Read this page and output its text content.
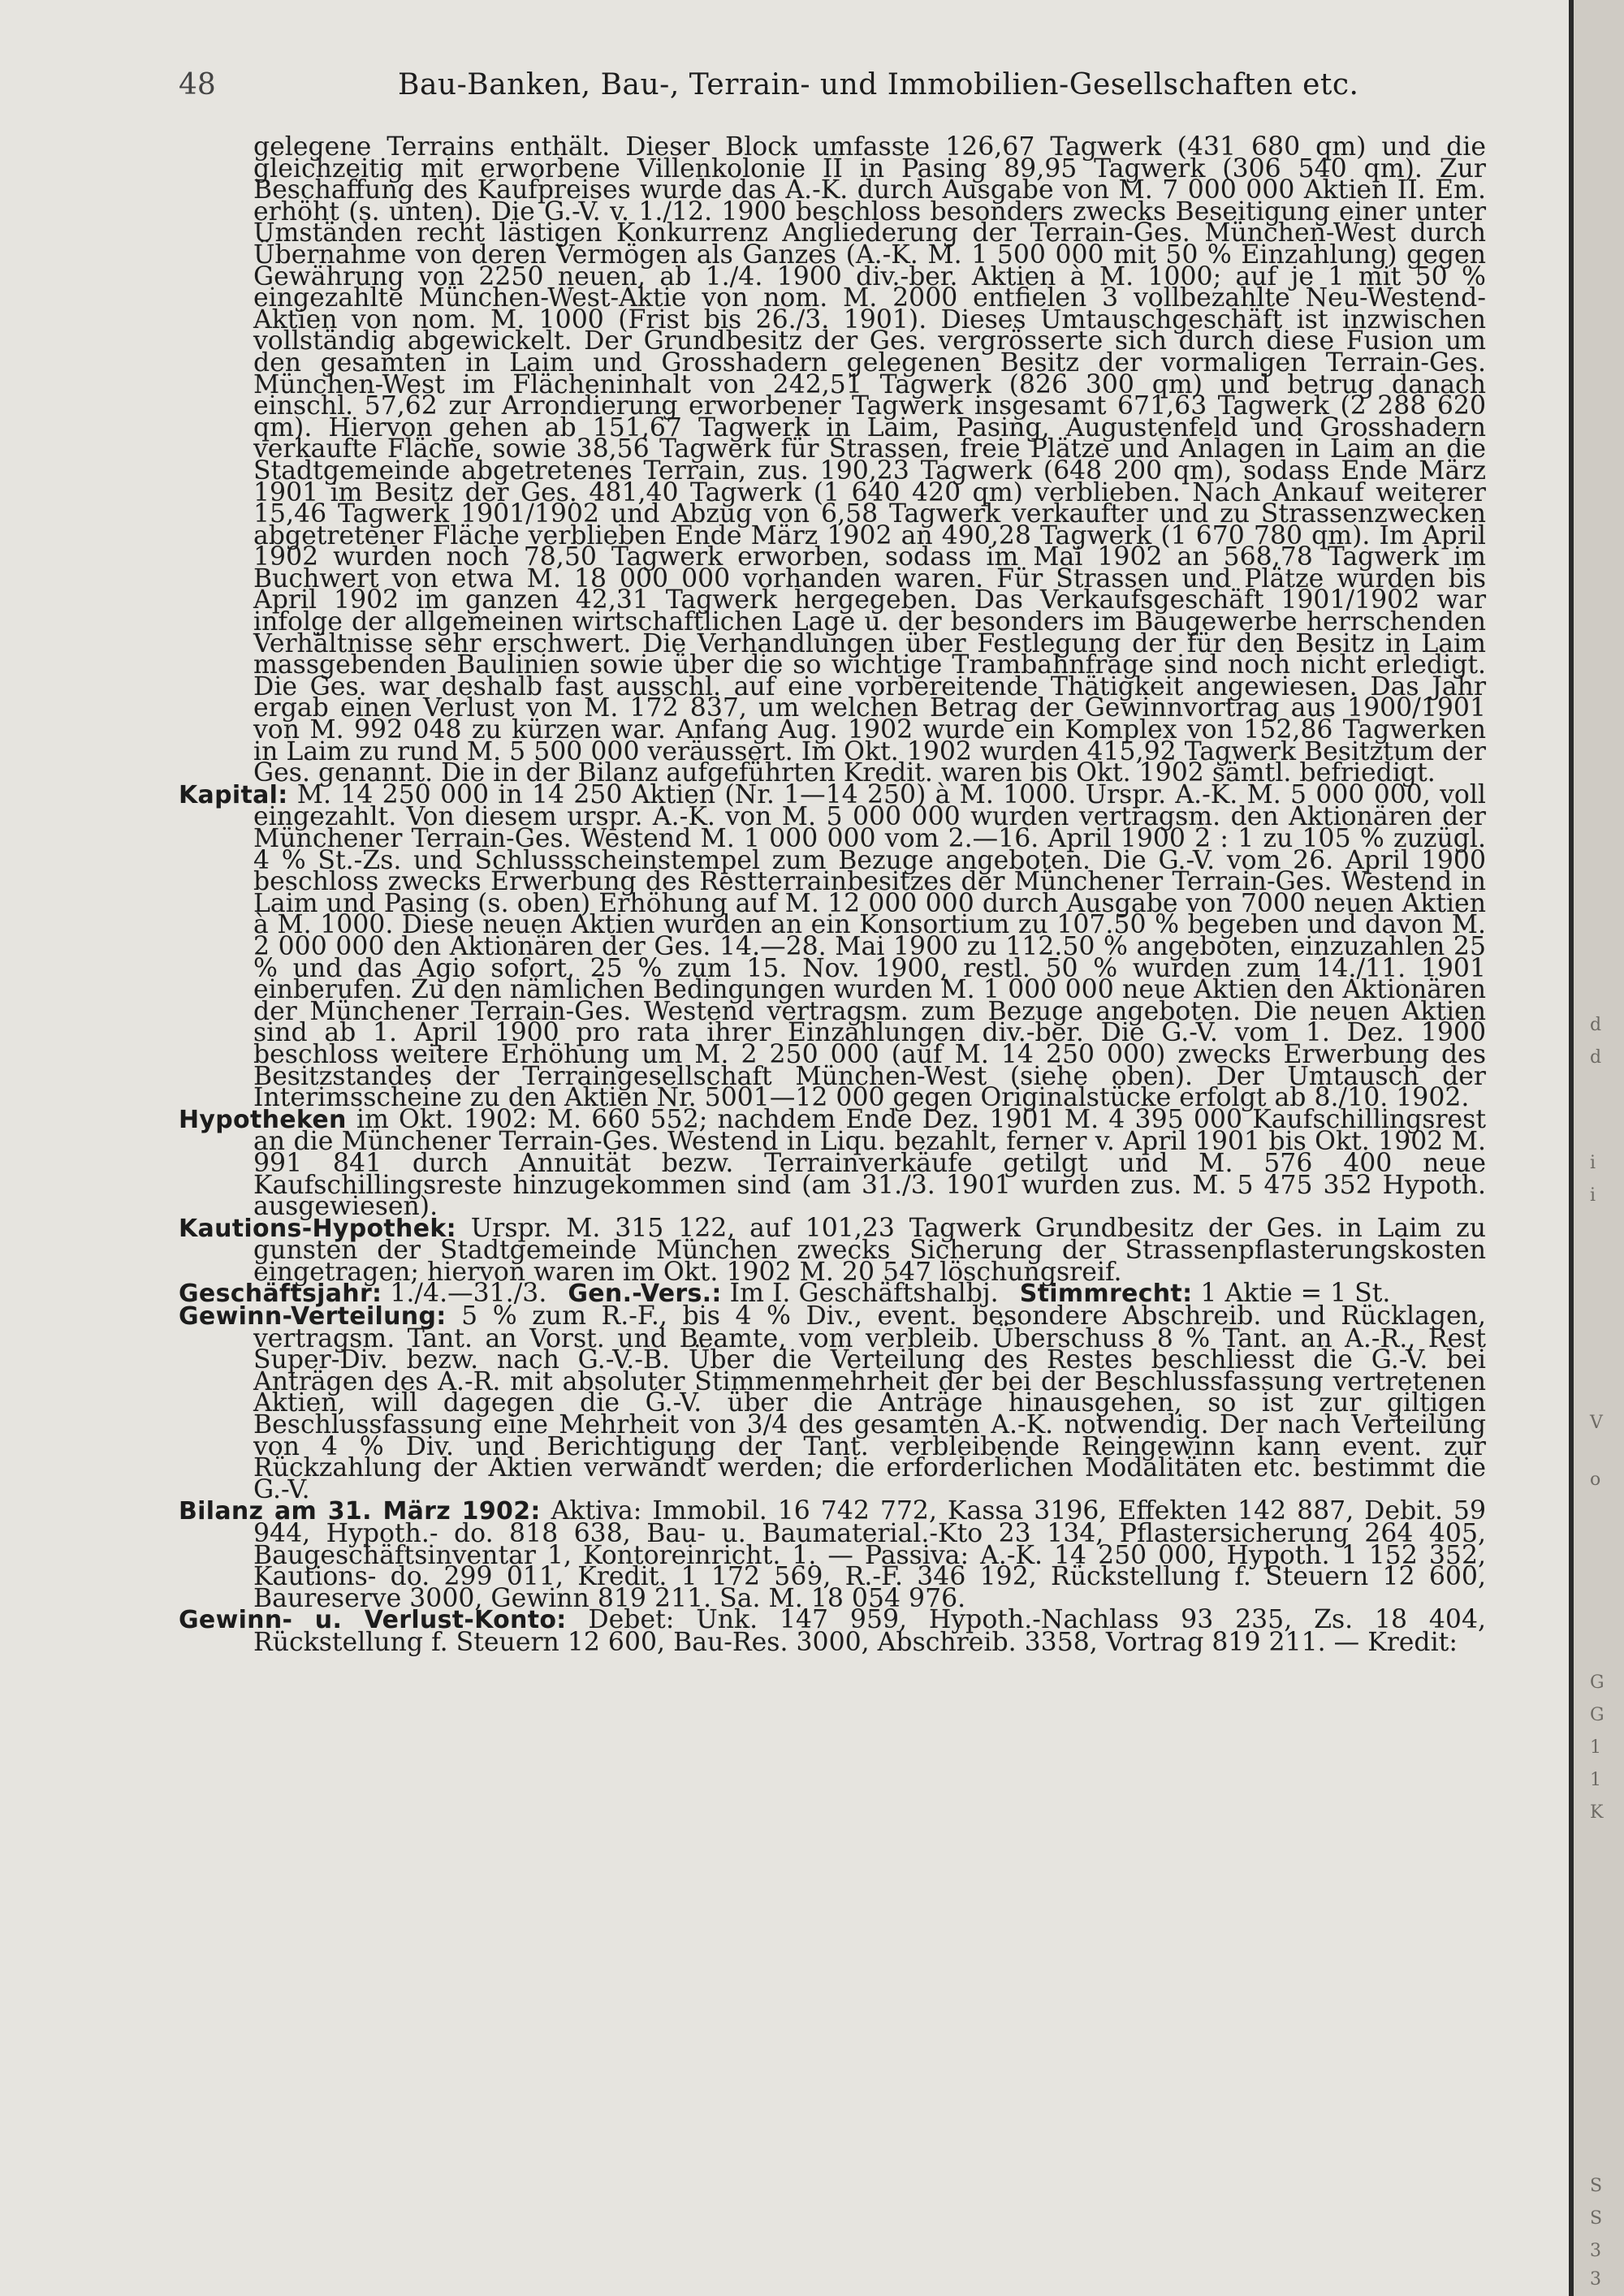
48	Bau-Banken, Bau-, Terrain- und Immobilien-Gesellschaften etc.

gelegene Terrains enthält. Dieser Block umfasste 126,67 Tagwerk (431 680 qm) und die gleichzeitig mit erworbene Villenkolonie II in Pasing 89,95 Tagwerk (306 540 qm). Zur Beschaffung des Kaufpreises wurde das A.-K. durch Ausgabe von M. 7 000 000 Aktien II. Em. erhöht (s. unten). Die G.-V. v. 1./12. 1900 beschloss besonders zwecks Beseitigung einer unter Umständen recht lästigen Konkurrenz Angliederung der Terrain-Ges. München-West durch Übernahme von deren Vermögen als Ganzes (A.-K. M. 1 500 000 mit 50 % Einzahlung) gegen Gewährung von 2250 neuen, ab 1./4. 1900 div.-ber. Aktien à M. 1000; auf je 1 mit 50 % eingezahlte München-West-Aktie von nom. M. 2000 entfielen 3 vollbezahlte Neu-Westend-Aktien von nom. M. 1000 (Frist bis 26./3. 1901). Dieses Umtauschgeschäft ist inzwischen vollständig abgewickelt. Der Grundbesitz der Ges. vergrösserte sich durch diese Fusion um den gesamten in Laim und Grosshadern gelegenen Besitz der vormaligen Terrain-Ges. München-West im Flächeninhalt von 242,51 Tagwerk (826 300 qm) und betrug danach einschl. 57,62 zur Arrondierung erworbener Tagwerk insgesamt 671,63 Tagwerk (2 288 620 qm). Hiervon gehen ab 151,67 Tagwerk in Laim, Pasing, Augustenfeld und Grosshadern verkaufte Fläche, sowie 38,56 Tagwerk für Strassen, freie Plätze und Anlagen in Laim an die Stadtgemeinde abgetretenes Terrain, zus. 190,23 Tagwerk (648 200 qm), sodass Ende März 1901 im Besitz der Ges. 481,40 Tagwerk (1 640 420 qm) verblieben. Nach Ankauf weiterer 15,46 Tagwerk 1901/1902 und Abzug von 6,58 Tagwerk verkaufter und zu Strassenzwecken abgetretener Fläche verblieben Ende März 1902 an 490,28 Tagwerk (1 670 780 qm). Im April 1902 wurden noch 78,50 Tagwerk erworben, sodass im Mai 1902 an 568,78 Tagwerk im Buchwert von etwa M. 18 000 000 vorhanden waren. Für Strassen und Plätze wurden bis April 1902 im ganzen 42,31 Tagwerk hergegeben. Das Verkaufsgeschäft 1901/1902 war infolge der allgemeinen wirtschaftlichen Lage u. der besonders im Baugewerbe herrschenden Verhältnisse sehr erschwert. Die Verhandlungen über Festlegung der für den Besitz in Laim massgebenden Baulinien sowie über die so wichtige Trambahnfrage sind noch nicht erledigt. Die Ges. war deshalb fast ausschl. auf eine vorbereitende Thätigkeit angewiesen. Das Jahr ergab einen Verlust von M. 172 837, um welchen Betrag der Gewinnvortrag aus 1900/1901 von M. 992 048 zu kürzen war. Anfang Aug. 1902 wurde ein Komplex von 152,86 Tagwerken in Laim zu rund M. 5 500 000 veräussert. Im Okt. 1902 wurden 415,92 Tagwerk Besitztum der Ges. genannt. Die in der Bilanz aufgeführten Kredit. waren bis Okt. 1902 sämtl. befriedigt.

Kapital: M. 14 250 000 in 14 250 Aktien (Nr. 1—14 250) à M. 1000. Urspr. A.-K. M. 5 000 000, voll eingezahlt. Von diesem urspr. A.-K. von M. 5 000 000 wurden vertragsm. den Aktionären der Münchener Terrain-Ges. Westend M. 1 000 000 vom 2.—16. April 1900 2 : 1 zu 105 % zuzügl. 4 % St.-Zs. und Schlussscheinstempel zum Bezuge angeboten. Die G.-V. vom 26. April 1900 beschloss zwecks Erwerbung des Restterrainbesitzes der Münchener Terrain-Ges. Westend in Laim und Pasing (s. oben) Erhöhung auf M. 12 000 000 durch Ausgabe von 7000 neuen Aktien à M. 1000. Diese neuen Aktien wurden an ein Konsortium zu 107.50 % begeben und davon M. 2 000 000 den Aktionären der Ges. 14.—28. Mai 1900 zu 112.50 % angeboten, einzuzahlen 25 % und das Agio sofort, 25 % zum 15. Nov. 1900, restl. 50 % wurden zum 14./11. 1901 einberufen. Zu den nämlichen Bedingungen wurden M. 1 000 000 neue Aktien den Aktionären der Münchener Terrain-Ges. Westend vertragsm. zum Bezuge angeboten. Die neuen Aktien sind ab 1. April 1900 pro rata ihrer Einzahlungen div.-ber. Die G.-V. vom 1. Dez. 1900 beschloss weitere Erhöhung um M. 2 250 000 (auf M. 14 250 000) zwecks Erwerbung des Besitzstandes der Terraingesellschaft München-West (siehe oben). Der Umtausch der Interimsscheine zu den Aktien Nr. 5001—12 000 gegen Originalstücke erfolgt ab 8./10. 1902.

Hypotheken im Okt. 1902: M. 660 552; nachdem Ende Dez. 1901 M. 4 395 000 Kaufschillingsrest an die Münchener Terrain-Ges. Westend in Liqu. bezahlt, ferner v. April 1901 bis Okt. 1902 M. 991 841 durch Annuität bezw. Terrainverkäufe getilgt und M. 576 400 neue Kaufschillingsreste hinzugekommen sind (am 31./3. 1901 wurden zus. M. 5 475 352 Hypoth. ausgewiesen).

Kautions-Hypothek: Urspr. M. 315 122, auf 101,23 Tagwerk Grundbesitz der Ges. in Laim zu gunsten der Stadtgemeinde München zwecks Sicherung der Strassenpflasterungskosten eingetragen; hiervon waren im Okt. 1902 M. 20 547 löschungsreif.

Geschäftsjahr: 1./4.—31./3. Gen.-Vers.: Im I. Geschäftshalbj. Stimmrecht: 1 Aktie = 1 St.

Gewinn-Verteilung: 5 % zum R.-F., bis 4 % Div., event. besondere Abschreib. und Rücklagen, vertragsm. Tant. an Vorst. und Beamte, vom verbleib. Überschuss 8 % Tant. an A.-R., Rest Super-Div. bezw. nach G.-V.-B. Über die Verteilung des Restes beschliesst die G.-V. bei Anträgen des A.-R. mit absoluter Stimmenmehrheit der bei der Beschlussfassung vertretenen Aktien, will dagegen die G.-V. über die Anträge hinausgehen, so ist zur giltigen Beschlussfassung eine Mehrheit von 3/4 des gesamten A.-K. notwendig. Der nach Verteilung von 4 % Div. und Berichtigung der Tant. verbleibende Reingewinn kann event. zur Rückzahlung der Aktien verwandt werden; die erforderlichen Modalitäten etc. bestimmt die G.-V.

Bilanz am 31. März 1902: Aktiva: Immobil. 16 742 772, Kassa 3196, Effekten 142 887, Debit. 59 944, Hypoth.- do. 818 638, Bau- u. Baumaterial.-Kto 23 134, Pflastersicherung 264 405, Baugeschäftsinventar 1, Kontoreinricht. 1. — Passiva: A.-K. 14 250 000, Hypoth. 1 152 352, Kautions- do. 299 011, Kredit. 1 172 569, R.-F. 346 192, Rückstellung f. Steuern 12 600, Baureserve 3000, Gewinn 819 211. Sa. M. 18 054 976.

Gewinn- u. Verlust-Konto: Debet: Unk. 147 959, Hypoth.-Nachlass 93 235, Zs. 18 404, Rückstellung f. Steuern 12 600, Bau-Res. 3000, Abschreib. 3358, Vortrag 819 211. — Kredit:

d
d
i
i
V
o
G
G
1
1
K
S
S
3
3
